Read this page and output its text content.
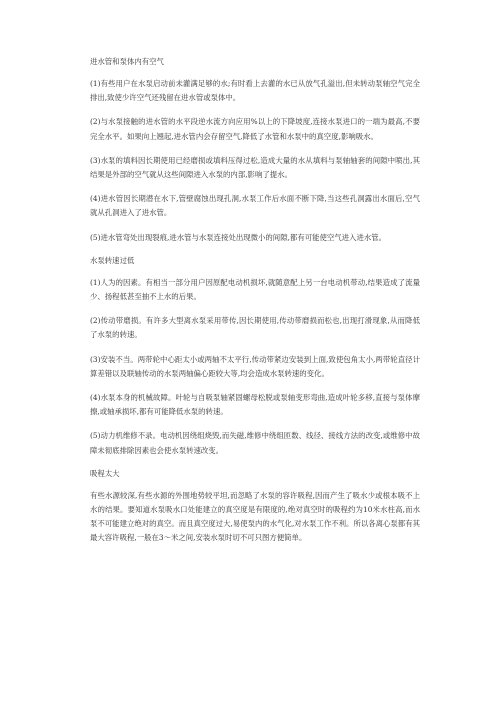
进水管和泵体内有空气

(1)有些用户在水泵启动前未灌满足够的水;有时看上去灌的水已从放气孔溢出,但未转动泵轴空气完全排出,致使少许空气还残留在进水管或泵体中。

(2)与水泵接触的进水管的水平段逆水流方向应用%以上的下降坡度,连接水泵进口的一端为最高,不要完全水平。如果向上翘起,进水管内会存留空气,降低了水管和水泵中的真空度,影响吸水。

(3)水泵的填料因长期使用已经磨损或填料压得过松,造成大量的水从填料与泵轴轴套的间隙中喷出,其结果是外部的空气就从这些间隙进入水泵的内部,影响了提水。

(4)进水管因长期潜在水下,管壁腐蚀出现孔洞,水泵工作后水面不断下降,当这些孔洞露出水面后,空气就从孔洞进入了进水管。

(5)进水管弯处出现裂痕,进水管与水泵连接处出现微小的间隙,都有可能使空气进入进水管。

水泵转速过低

(1)人为的因素。有相当一部分用户因原配电动机损坏,就随意配上另一台电动机带动,结果造成了流量少、扬程低甚至抽不上水的后果。

(2)传动带磨损。有许多大型离水泵采用带传,因长期使用,传动带磨损而松也,出现打滑现象,从而降低了水泵的转速。

(3)安装不当。两带轮中心距太小或两轴不太平行,传动带紧边安装到上面,致使包角太小,两带轮直径计算差错以及联轴传动的水泵两轴偏心距较大等,均会造成水泵转速的变化。

(4)水泵本身的机械故障。叶轮与自吸泵轴紧固螺母松脱或泵轴变形弯曲,造成叶轮多移,直接与泵体摩擦,或轴承损坏,都有可能降低水泵的转速。

(5)动力机维修不录。电动机因绕组烧毁,而失磁,维修中绕组匝数、线径、接线方法的改变,或维修中故障未彻底排除因素也会使水泵转速改变。

吸程太大

有些水源较深,有些水源的外围地势较平坦,而忽略了水泵的容许吸程,因而产生了吸水少或根本吸不上水的结果。要知道水泵吸水口处能建立的真空度是有限度的,绝对真空时的吸程约为10米水柱高,而水泵不可能建立绝对的真空。而且真空度过大,易使泵内的水气化,对水泵工作不利。所以各离心泵都有其最大容许吸程,一般在3～米之间,安装水泵时切不可只图方便简单。
